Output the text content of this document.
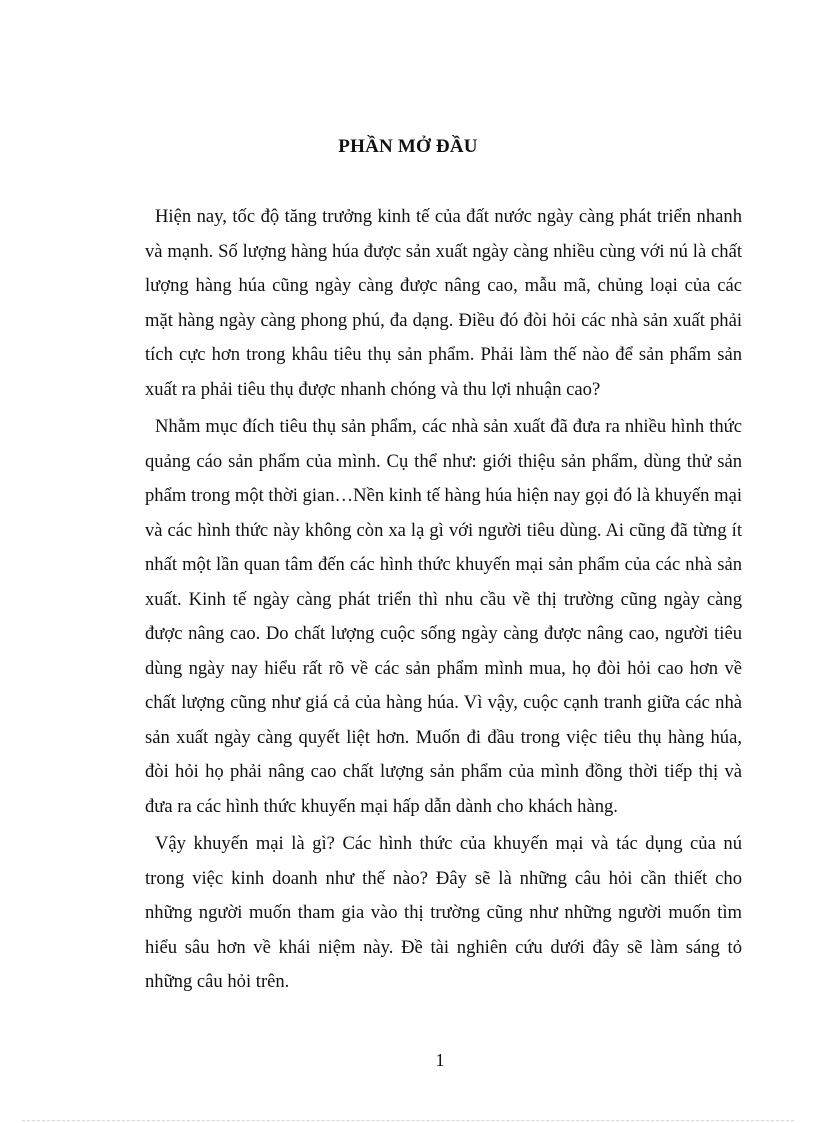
PHẦN MỞ ĐẦU

Hiện nay, tốc độ tăng trưởng kinh tế của đất nước ngày càng phát triển nhanh và mạnh. Số lượng hàng húa được sản xuất ngày càng nhiều cùng với nú là chất lượng hàng húa cũng ngày càng được nâng cao, mẫu mã, chủng loại của các mặt hàng ngày càng phong phú, đa dạng. Điều đó đòi hỏi các nhà sản xuất phải tích cực hơn trong khâu tiêu thụ sản phẩm. Phải làm thế nào để sản phẩm sản xuất ra phải tiêu thụ được nhanh chóng và thu lợi nhuận cao?

Nhằm mục đích tiêu thụ sản phẩm, các nhà sản xuất đã đưa ra nhiều hình thức quảng cáo sản phẩm của mình. Cụ thể như: giới thiệu sản phẩm, dùng thử sản phẩm trong một thời gian…Nền kinh tế hàng húa hiện nay gọi đó là khuyến mại và các hình thức này không còn xa lạ gì với người tiêu dùng. Ai cũng đã từng ít nhất một lần quan tâm đến các hình thức khuyến mại sản phẩm của các nhà sản xuất. Kinh tế ngày càng phát triển thì nhu cầu về thị trường cũng ngày càng được nâng cao. Do chất lượng cuộc sống ngày càng được nâng cao, người tiêu dùng ngày nay hiểu rất rõ về các sản phẩm mình mua, họ đòi hỏi cao hơn về chất lượng cũng như giá cả của hàng húa. Vì vậy, cuộc cạnh tranh giữa các nhà sản xuất ngày càng quyết liệt hơn. Muốn đi đầu trong việc tiêu thụ hàng húa, đòi hỏi họ phải nâng cao chất lượng sản phẩm của mình đồng thời tiếp thị và đưa ra các hình thức khuyến mại hấp dẫn dành cho khách hàng.

Vậy khuyến mại là gì? Các hình thức của khuyến mại và tác dụng của nú trong việc kinh doanh như thế nào? Đây sẽ là những câu hỏi cần thiết cho những người muốn tham gia vào thị trường cũng như những người muốn tìm hiểu sâu hơn về khái niệm này. Đề tài nghiên cứu dưới đây sẽ làm sáng tỏ những câu hỏi trên.

1
